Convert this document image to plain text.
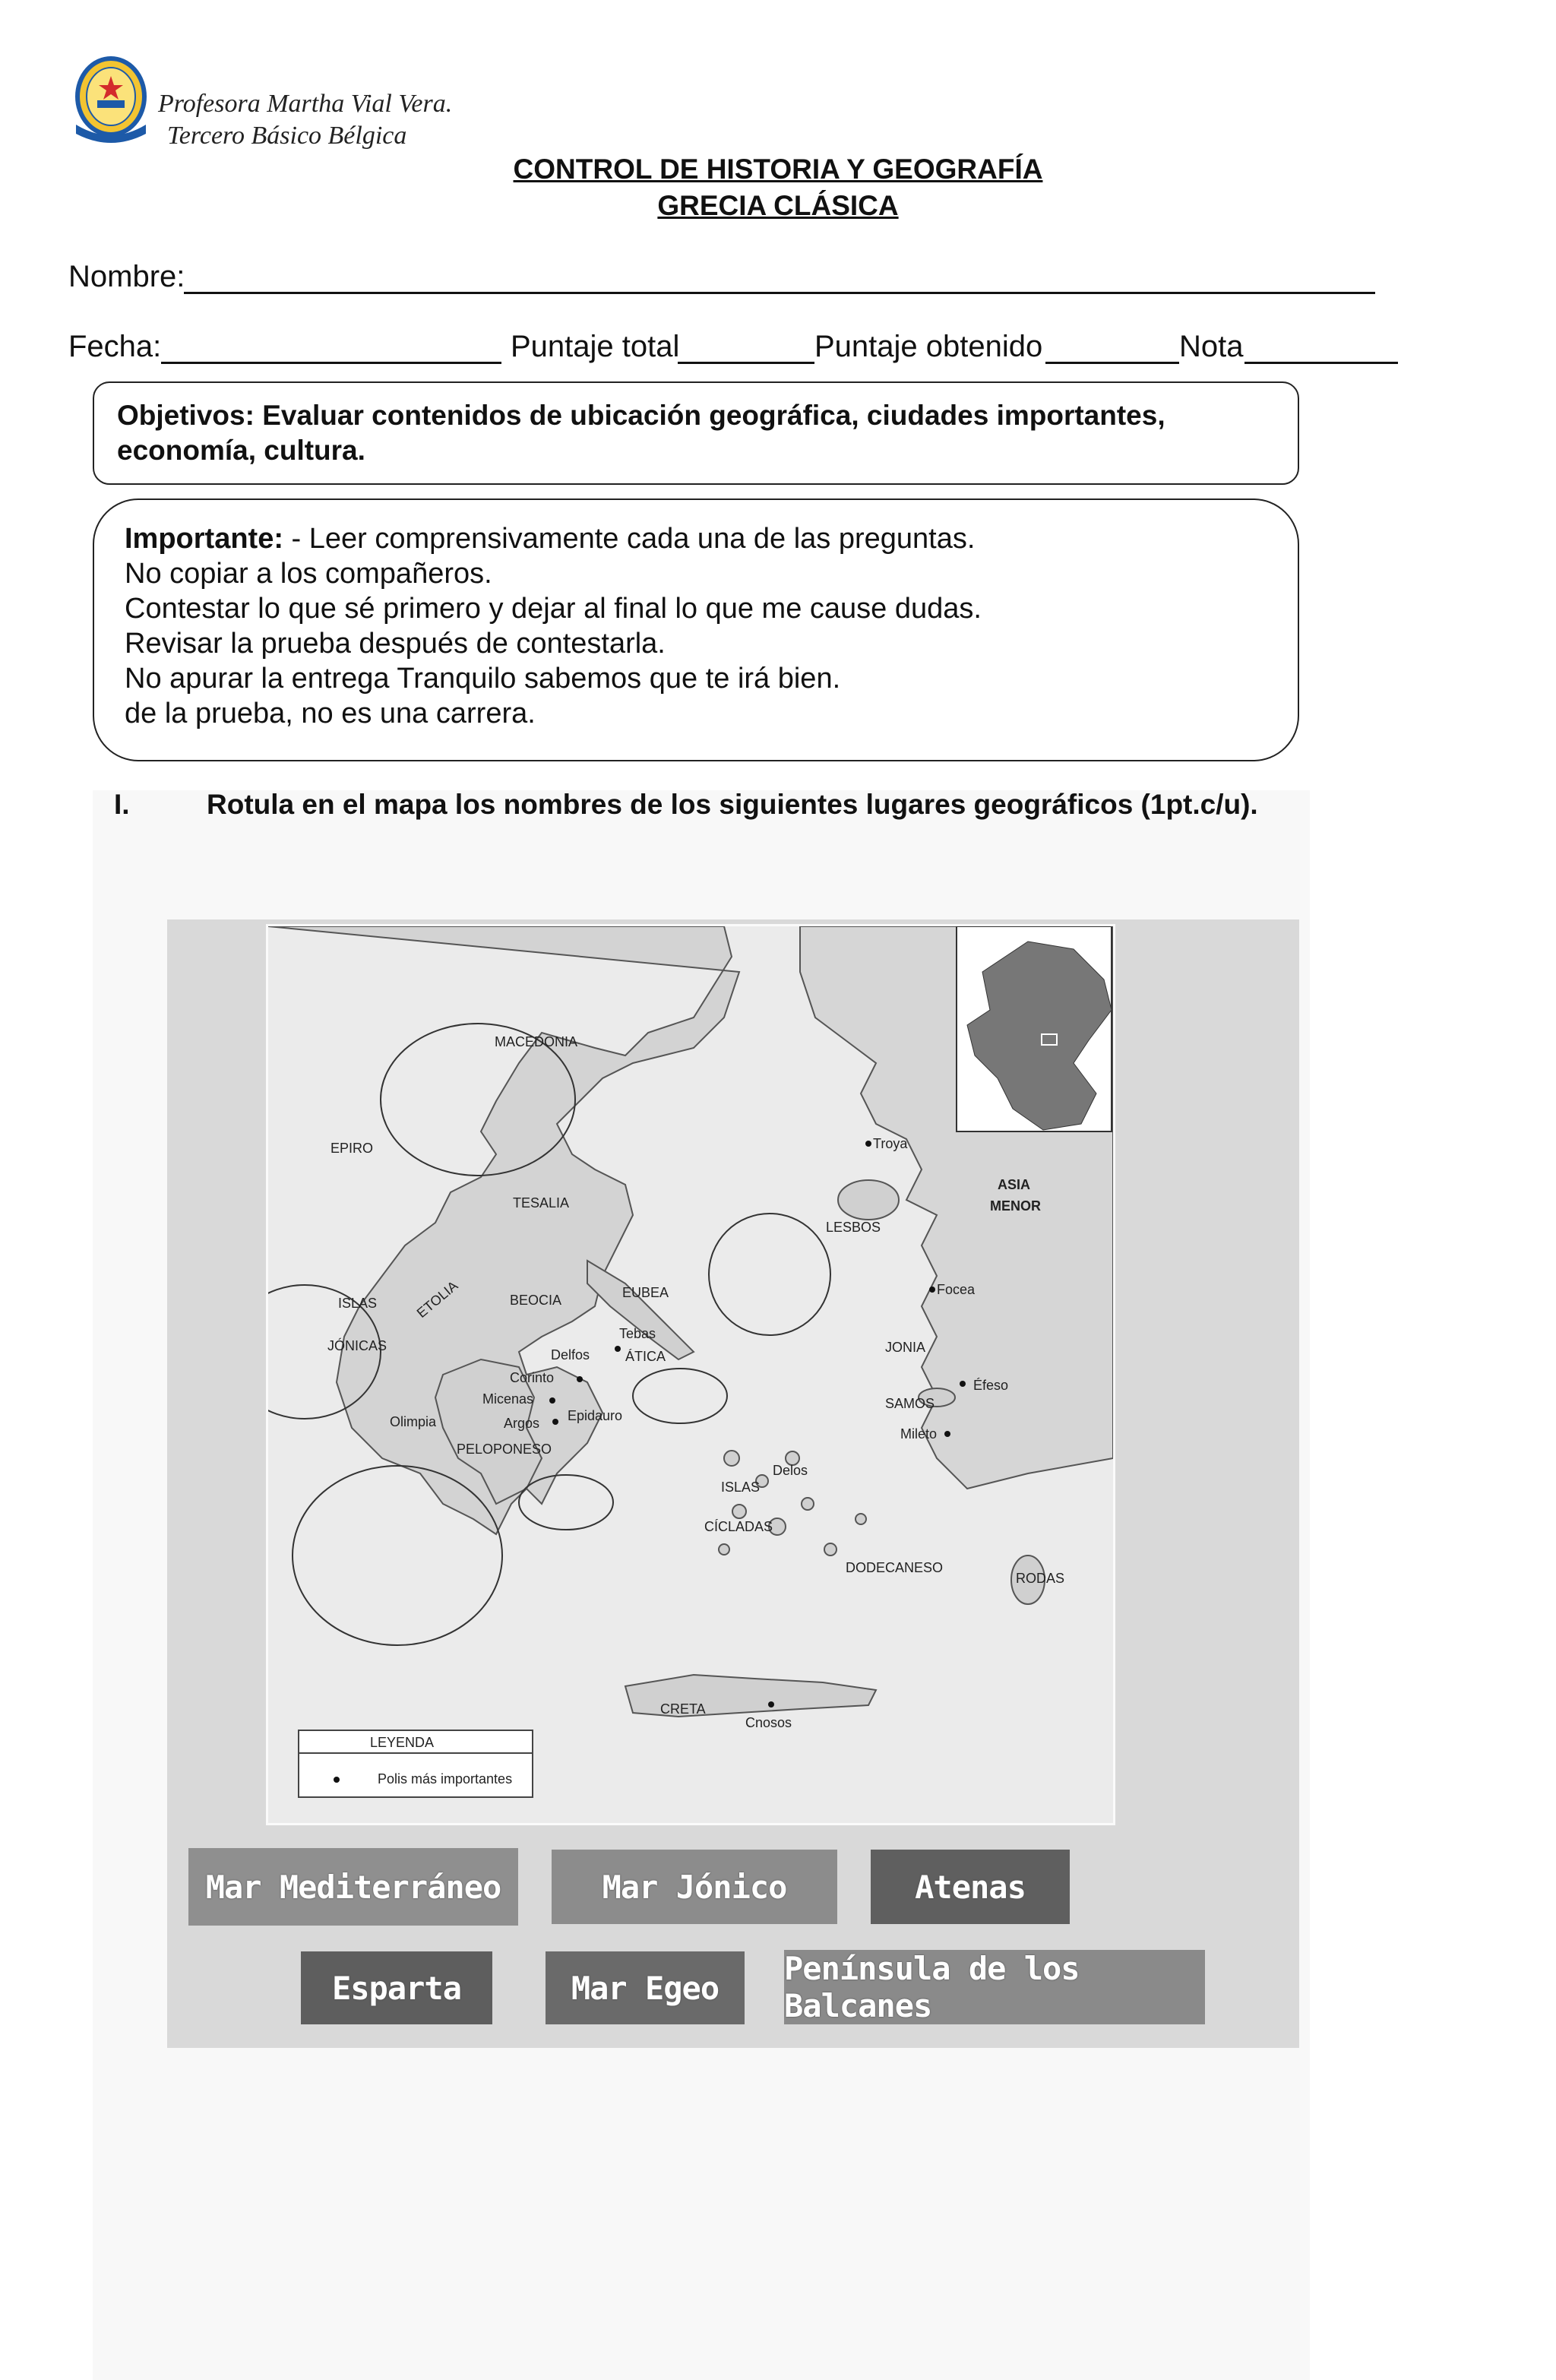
Profesora Martha Vial Vera.
Tercero Básico Bélgica
CONTROL DE HISTORIA Y GEOGRAFÍA
GRECIA CLÁSICA
Nombre:
Fecha:	Puntaje total	Puntaje obtenido	Nota

Objetivos: Evaluar contenidos de ubicación geográfica, ciudades importantes,

economía, cultura.

Importante: - Leer comprensivamente cada una de las preguntas.
No copiar a los compañeros.
Contestar lo que sé primero y dejar al final lo que me cause dudas.
Revisar la prueba después de contestarla.
No apurar la entrega Tranquilo sabemos que te irá bien.
de la prueba, no es una carrera.
I.	Rotula en el mapa los nombres de los siguientes lugares geográficos (1pt.c/u).
MACEDONIA
EPIRO
TESALIA
ETOLIA
ISLAS
JÓNICAS
BEOCIA	EUBEA
Delfos
Tebas
ÁTICA
Corinto
Micenas
Argos Epidauro
Olimpia
PELOPONESO
Troya
ASIA
MENOR
LESBOS
Focea
JONIA
Éfeso
SAMOS
Mileto
Delos
ISLAS
CÍCLADAS
DODECANESO
RODAS
CRETA
Cnosos
LEYENDA
Polis más importantes
Mar Mediterráneo	Mar Jónico	Atenas
Esparta	Mar Egeo
Península de los Balcanes
